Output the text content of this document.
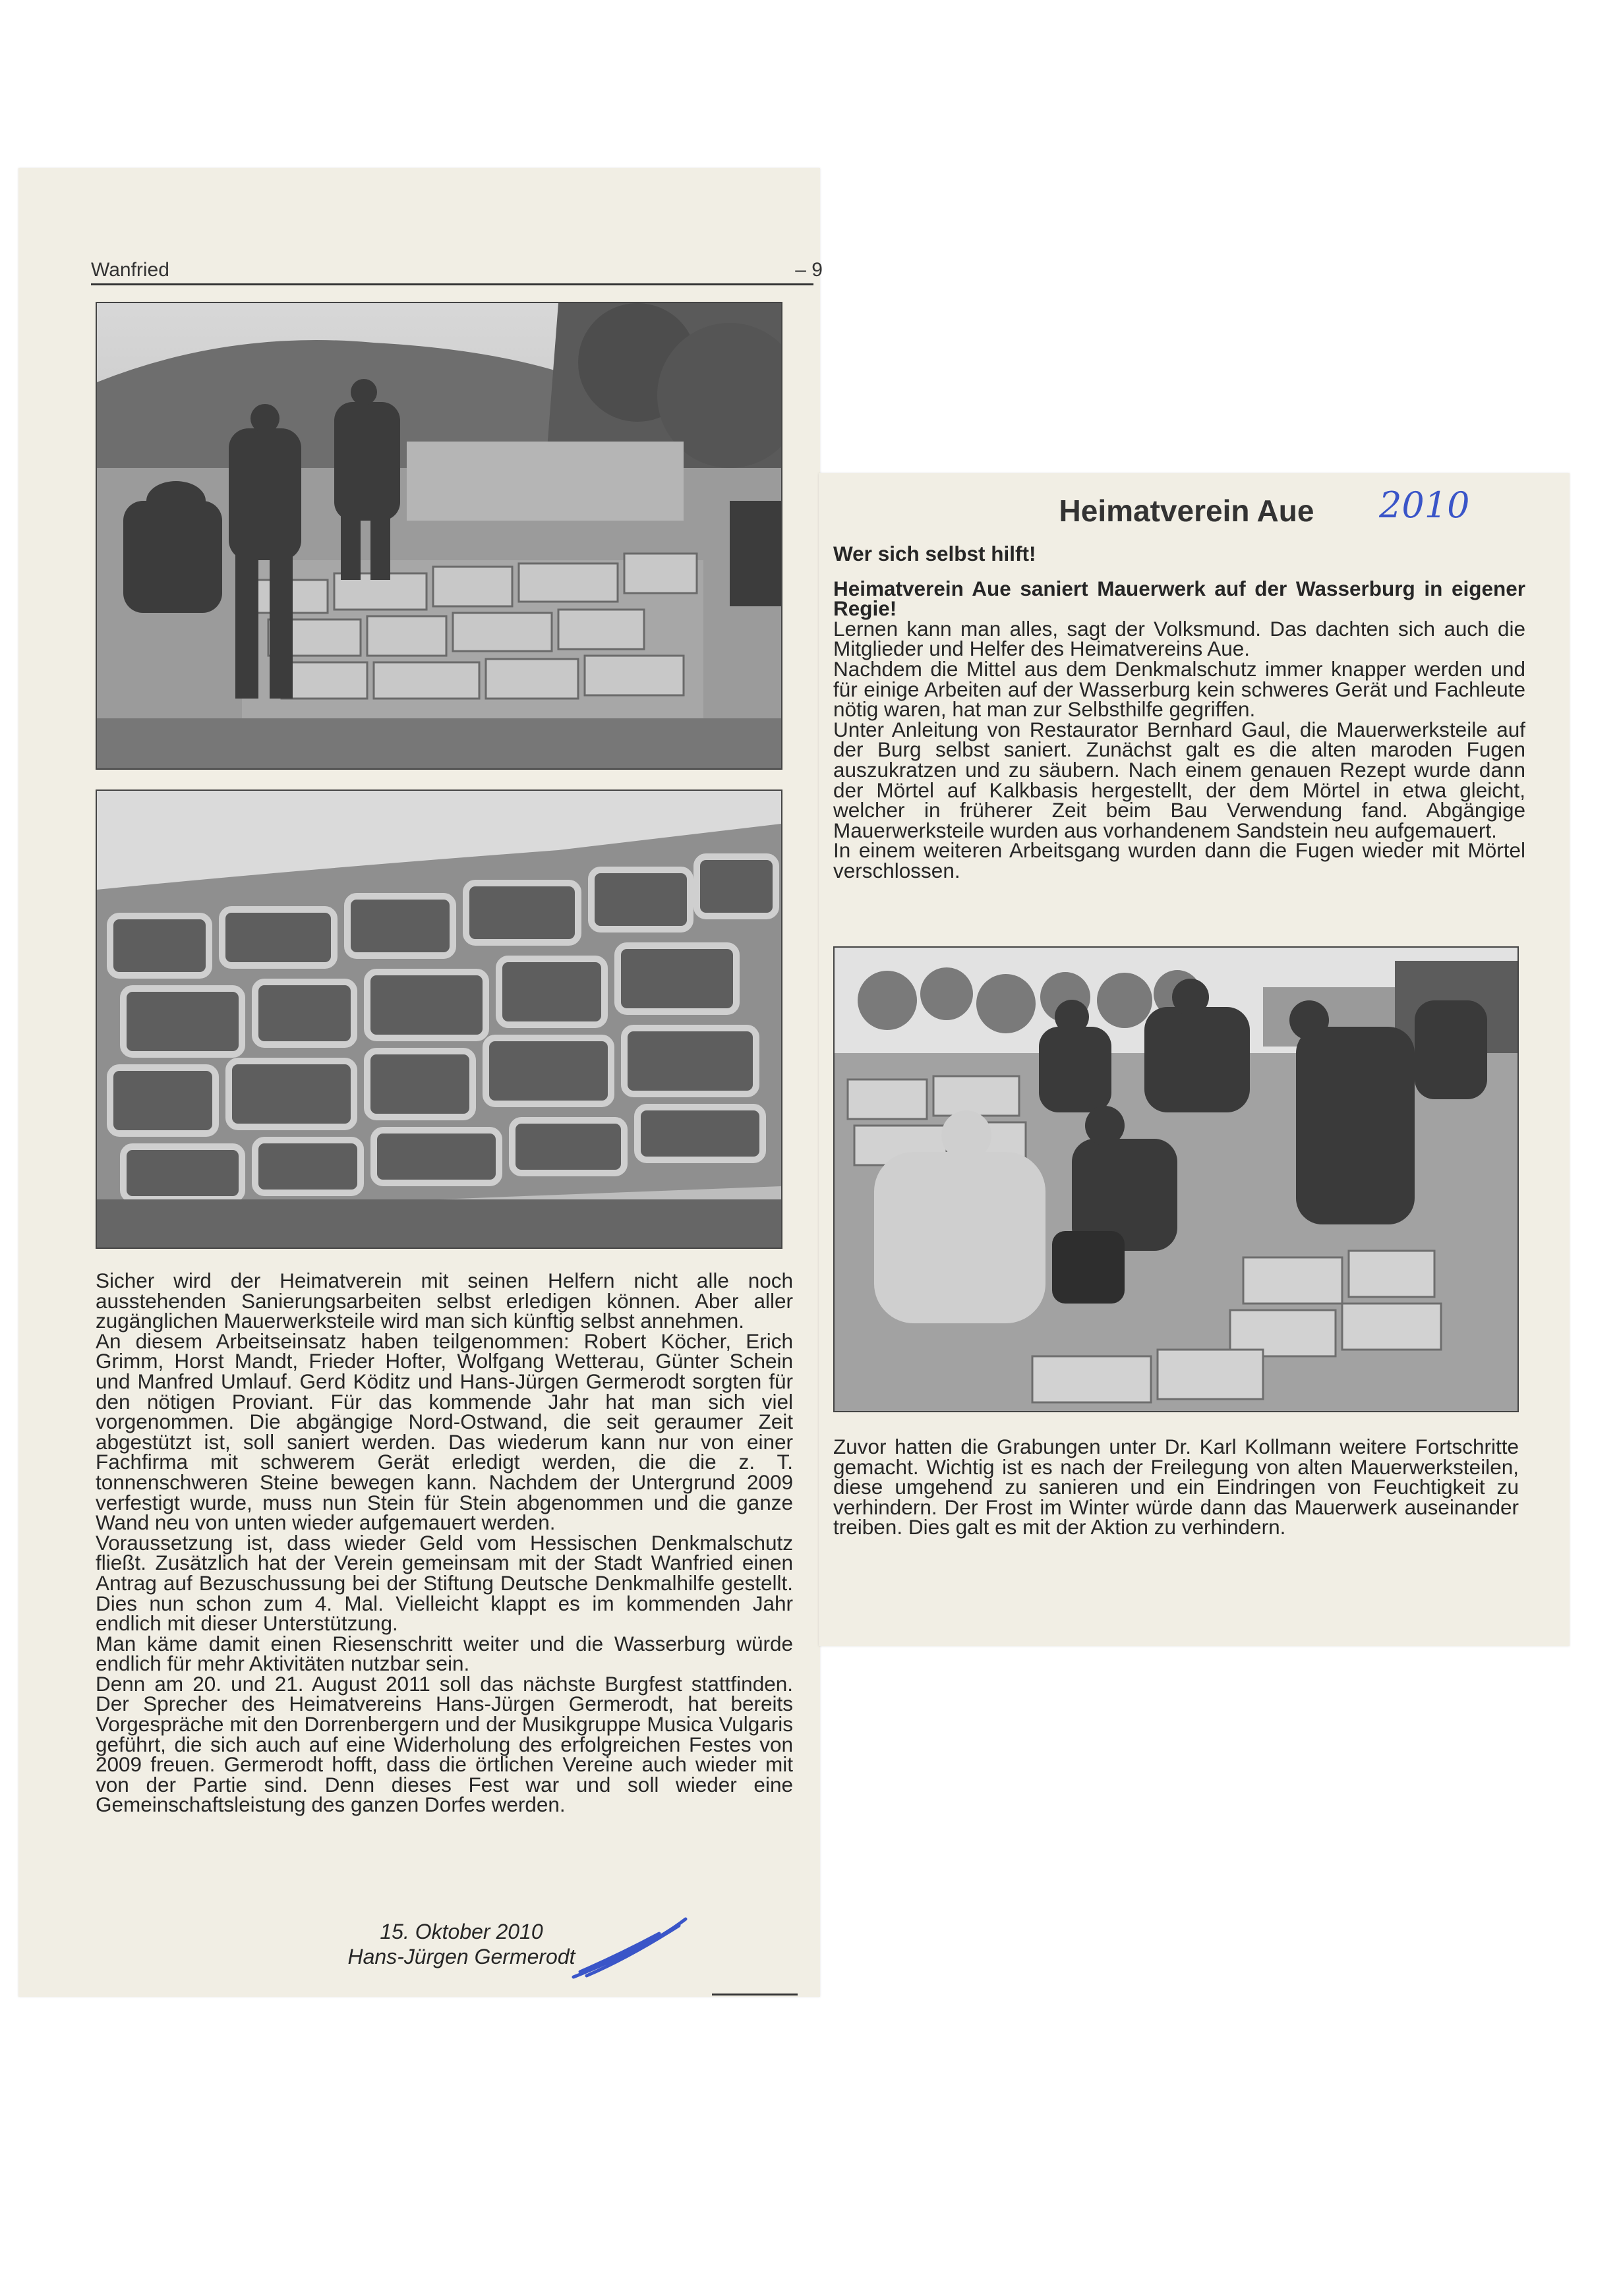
Wanfried	– 9

Sicher wird der Heimatverein mit seinen Helfern nicht alle noch ausstehenden Sanierungsarbeiten selbst erledigen können. Aber aller zugänglichen Mauerwerksteile wird man sich künftig selbst annehmen.

An diesem Arbeitseinsatz haben teilgenommen: Robert Köcher, Erich Grimm, Horst Mandt, Frieder Hofter, Wolfgang Wetterau, Günter Schein und Manfred Umlauf. Gerd Köditz und Hans-Jürgen Germerodt sorgten für den nötigen Proviant. Für das kommende Jahr hat man sich viel vorgenommen. Die abgängige Nord-Ostwand, die seit geraumer Zeit abgestützt ist, soll saniert werden. Das wiederum kann nur von einer Fachfirma mit schwerem Gerät erledigt werden, die die z. T. tonnenschweren Steine bewegen kann. Nachdem der Untergrund 2009 verfestigt wurde, muss nun Stein für Stein abgenommen und die ganze Wand neu von unten wieder aufgemauert werden.

Voraussetzung ist, dass wieder Geld vom Hessischen Denkmalschutz fließt. Zusätzlich hat der Verein gemeinsam mit der Stadt Wanfried einen Antrag auf Bezuschussung bei der Stiftung Deutsche Denkmalhilfe gestellt. Dies nun schon zum 4. Mal. Vielleicht klappt es im kommenden Jahr endlich mit dieser Unterstützung.

Man käme damit einen Riesenschritt weiter und die Wasserburg würde endlich für mehr Aktivitäten nutzbar sein.

Denn am 20. und 21. August 2011 soll das nächste Burgfest stattfinden. Der Sprecher des Heimatvereins Hans-Jürgen Germerodt, hat bereits Vorgespräche mit den Dorrenbergern und der Musikgruppe Musica Vulgaris geführt, die sich auch auf eine Widerholung des erfolgreichen Festes von 2009 freuen. Germerodt hofft, dass die örtlichen Vereine auch wieder mit von der Partie sind. Denn dieses Fest war und soll wieder eine Gemeinschaftsleistung des ganzen Dorfes werden.

15. Oktober 2010
Hans-Jürgen Germerodt
Heimatverein Aue	2010

Wer sich selbst hilft!

Heimatverein Aue saniert Mauerwerk auf der Wasserburg in eigener Regie!

Lernen kann man alles, sagt der Volksmund. Das dachten sich auch die Mitglieder und Helfer des Heimatvereins Aue.

Nachdem die Mittel aus dem Denkmalschutz immer knapper werden und für einige Arbeiten auf der Wasserburg kein schweres Gerät und Fachleute nötig waren, hat man zur Selbsthilfe gegriffen.

Unter Anleitung von Restaurator Bernhard Gaul, die Mauerwerksteile auf der Burg selbst saniert. Zunächst galt es die alten maroden Fugen auszukratzen und zu säubern. Nach einem genauen Rezept wurde dann der Mörtel auf Kalkbasis hergestellt, der dem Mörtel in etwa gleicht, welcher in früherer Zeit beim Bau Verwendung fand. Abgängige Mauerwerksteile wurden aus vorhandenem Sandstein neu aufgemauert.

In einem weiteren Arbeitsgang wurden dann die Fugen wieder mit Mörtel verschlossen.

Zuvor hatten die Grabungen unter Dr. Karl Kollmann weitere Fortschritte gemacht. Wichtig ist es nach der Freilegung von alten Mauerwerksteilen, diese umgehend zu sanieren und ein Eindringen von Feuchtigkeit zu verhindern. Der Frost im Winter würde dann das Mauerwerk auseinander treiben. Dies galt es mit der Aktion zu verhindern.
